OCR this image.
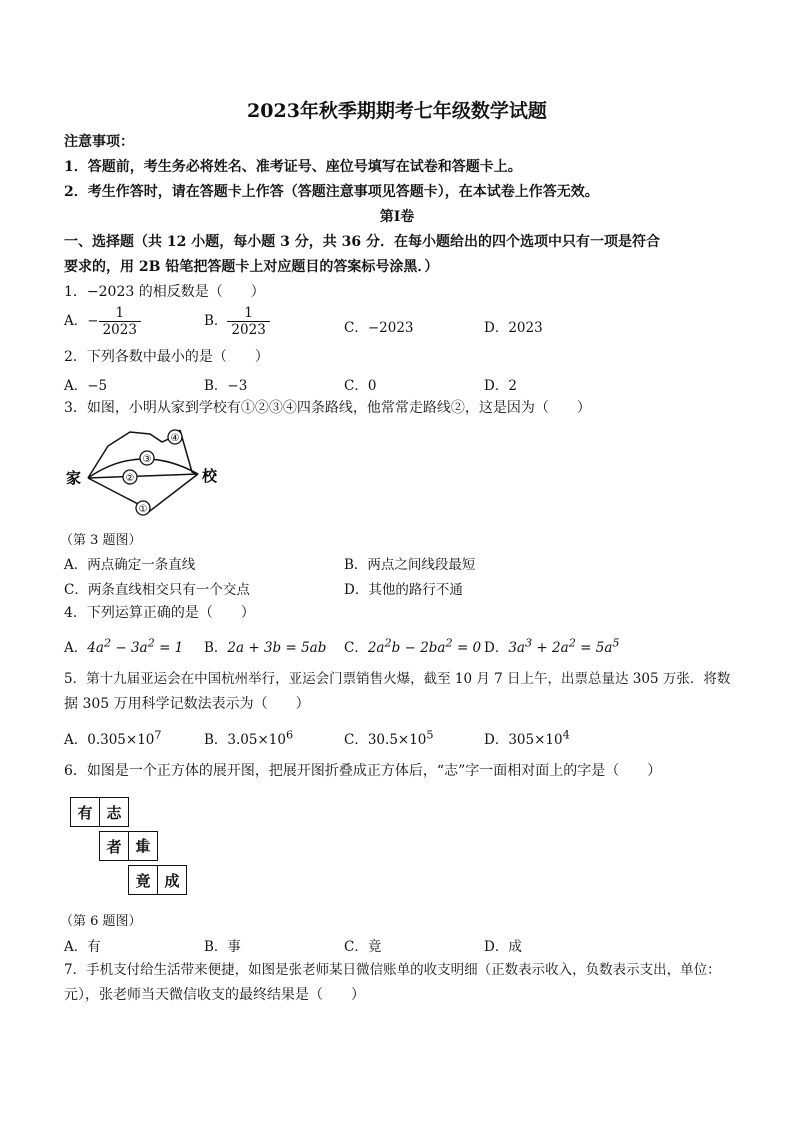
2023年秋季期期考七年级数学试题
注意事项：
1．答题前，考生务必将姓名、准考证号、座位号填写在试卷和答题卡上。
2．考生作答时，请在答题卡上作答（答题注意事项见答题卡），在本试卷上作答无效。
第Ⅰ卷
一、选择题（共 12 小题，每小题 3 分，共 36 分．在每小题给出的四个选项中只有一项是符合
要求的，用 2B 铅笔把答题卡上对应题目的答案标号涂黑．）
1．−2023 的相反数是（　　）
A．− $\frac{1}{2023}$	B． $\frac{1}{2023}$	C．−2023	D．2023
2．下列各数中最小的是（　　）
A．−5	B．−3	C．0	D．2
3．如图，小明从家到学校有①②③④四条路线，他常常走路线②，这是因为（　　）
④
③
②
①
家	校
（第 3 题图）
A．两点确定一条直线	B．两点之间线段最短
C．两条直线相交只有一个交点	D．其他的路行不通
4．下列运算正确的是（　　）
A．$4a^2 - 3a^2 = 1$ B．2a + 3b = 5ab C．$2a^2b - 2ba^2 = 0$ D．$3a^3 + 2a^2 = 5a^5$
5．第十九届亚运会在中国杭州举行，亚运会门票销售火爆，截至 10 月 7 日上午，出票总量达 305 万张．将数
据 305 万用科学记数法表示为（　　）
A．$0.305\times 10^7$	B．$3.05\times 10^6$	C．$30.5\times 10^5$	D．$305\times 10^4$
6．如图是一个正方体的展开图，把展开图折叠成正方体后，“志”字一面相对面上的字是（　　）
有 志
者 事
竟 成
（第 6 题图）
A．有	B．事	C．竟	D．成
7．手机支付给生活带来便捷，如图是张老师某日微信账单的收支明细（正数表示收入，负数表示支出，单位：
元），张老师当天微信收支的最终结果是（　　）
